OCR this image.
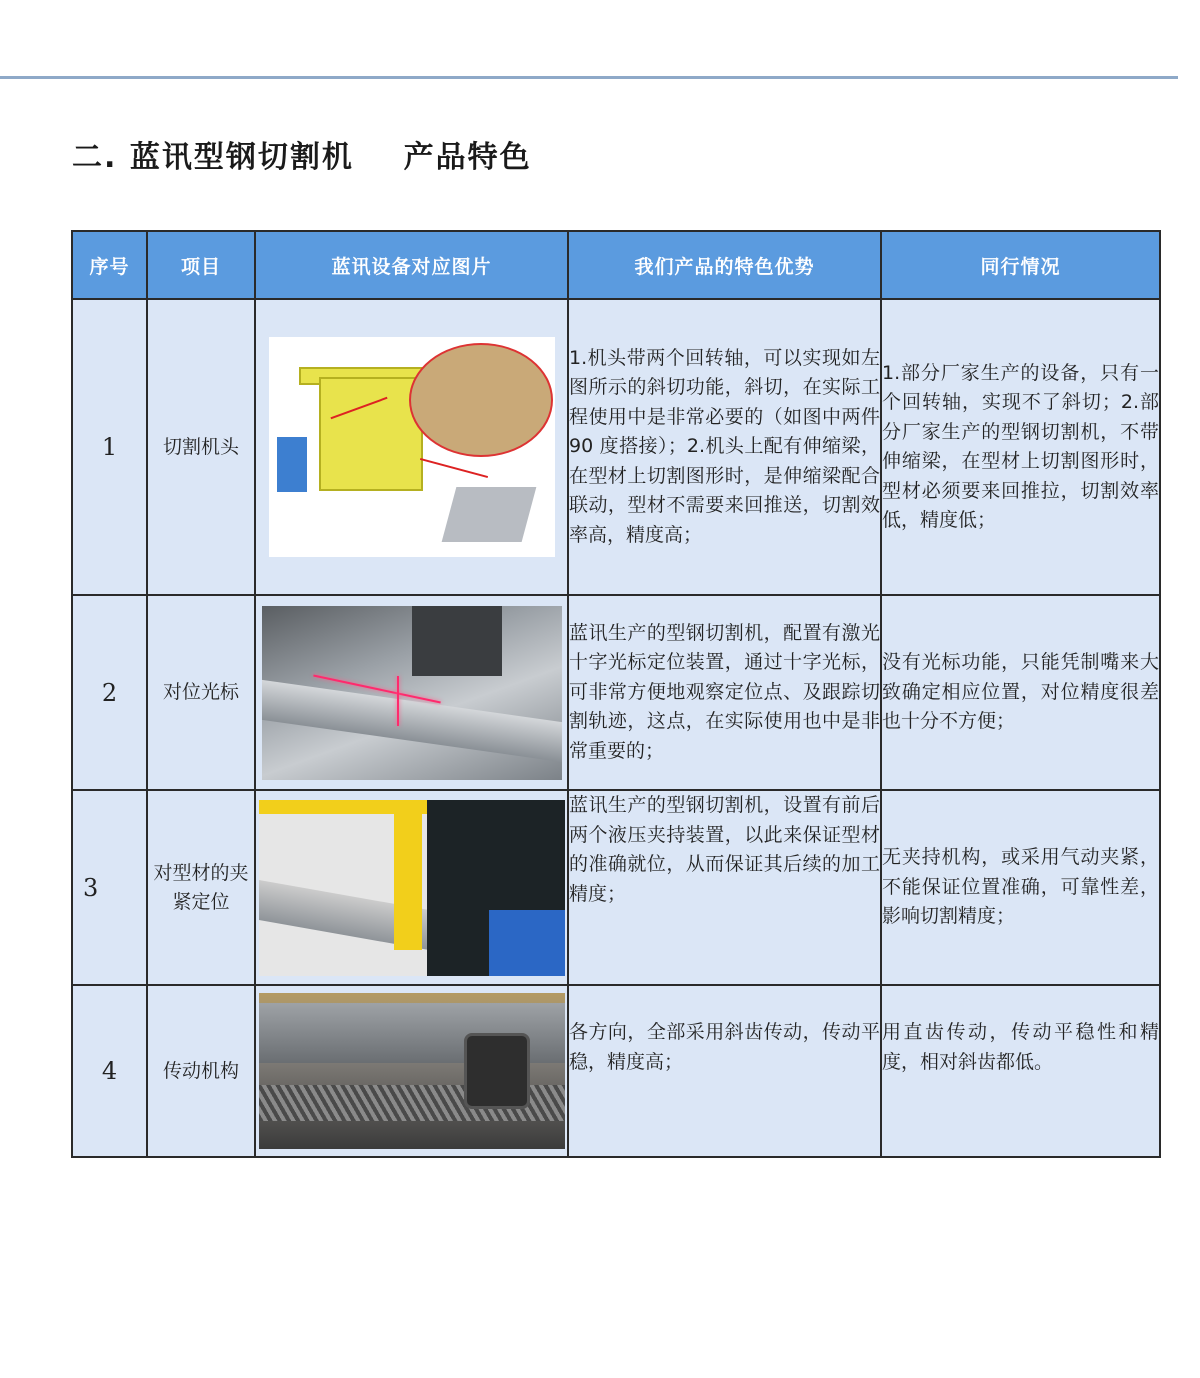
二. 蓝讯型钢切割机    产品特色
序号	项目	蓝讯设备对应图片	我们产品的特色优势	同行情况
1	切割机头		1.机头带两个回转轴，可以实现如左图所示的斜切功能，斜切，在实际工程使用中是非常必要的（如图中两件 90 度搭接）；2.机头上配有伸缩梁，在型材上切割图形时，是伸缩梁配合联动，型材不需要来回推送，切割效率高，精度高；	1.部分厂家生产的设备，只有一个回转轴，实现不了斜切；2.部分厂家生产的型钢切割机，不带伸缩梁，在型材上切割图形时，型材必须要来回推拉，切割效率低，精度低；
2	对位光标		蓝讯生产的型钢切割机，配置有激光十字光标定位装置，通过十字光标，可非常方便地观察定位点、及跟踪切割轨迹，这点，在实际使用也中是非常重要的；	没有光标功能，只能凭制嘴来大致确定相应位置，对位精度很差也十分不方便；
3	对型材的夹紧定位		蓝讯生产的型钢切割机，设置有前后两个液压夹持装置，以此来保证型材的准确就位，从而保证其后续的加工精度；	无夹持机构，或采用气动夹紧，不能保证位置准确，可靠性差，影响切割精度；
4	传动机构		各方向，全部采用斜齿传动，传动平稳，精度高；	用直齿传动，传动平稳性和精度，相对斜齿都低。
